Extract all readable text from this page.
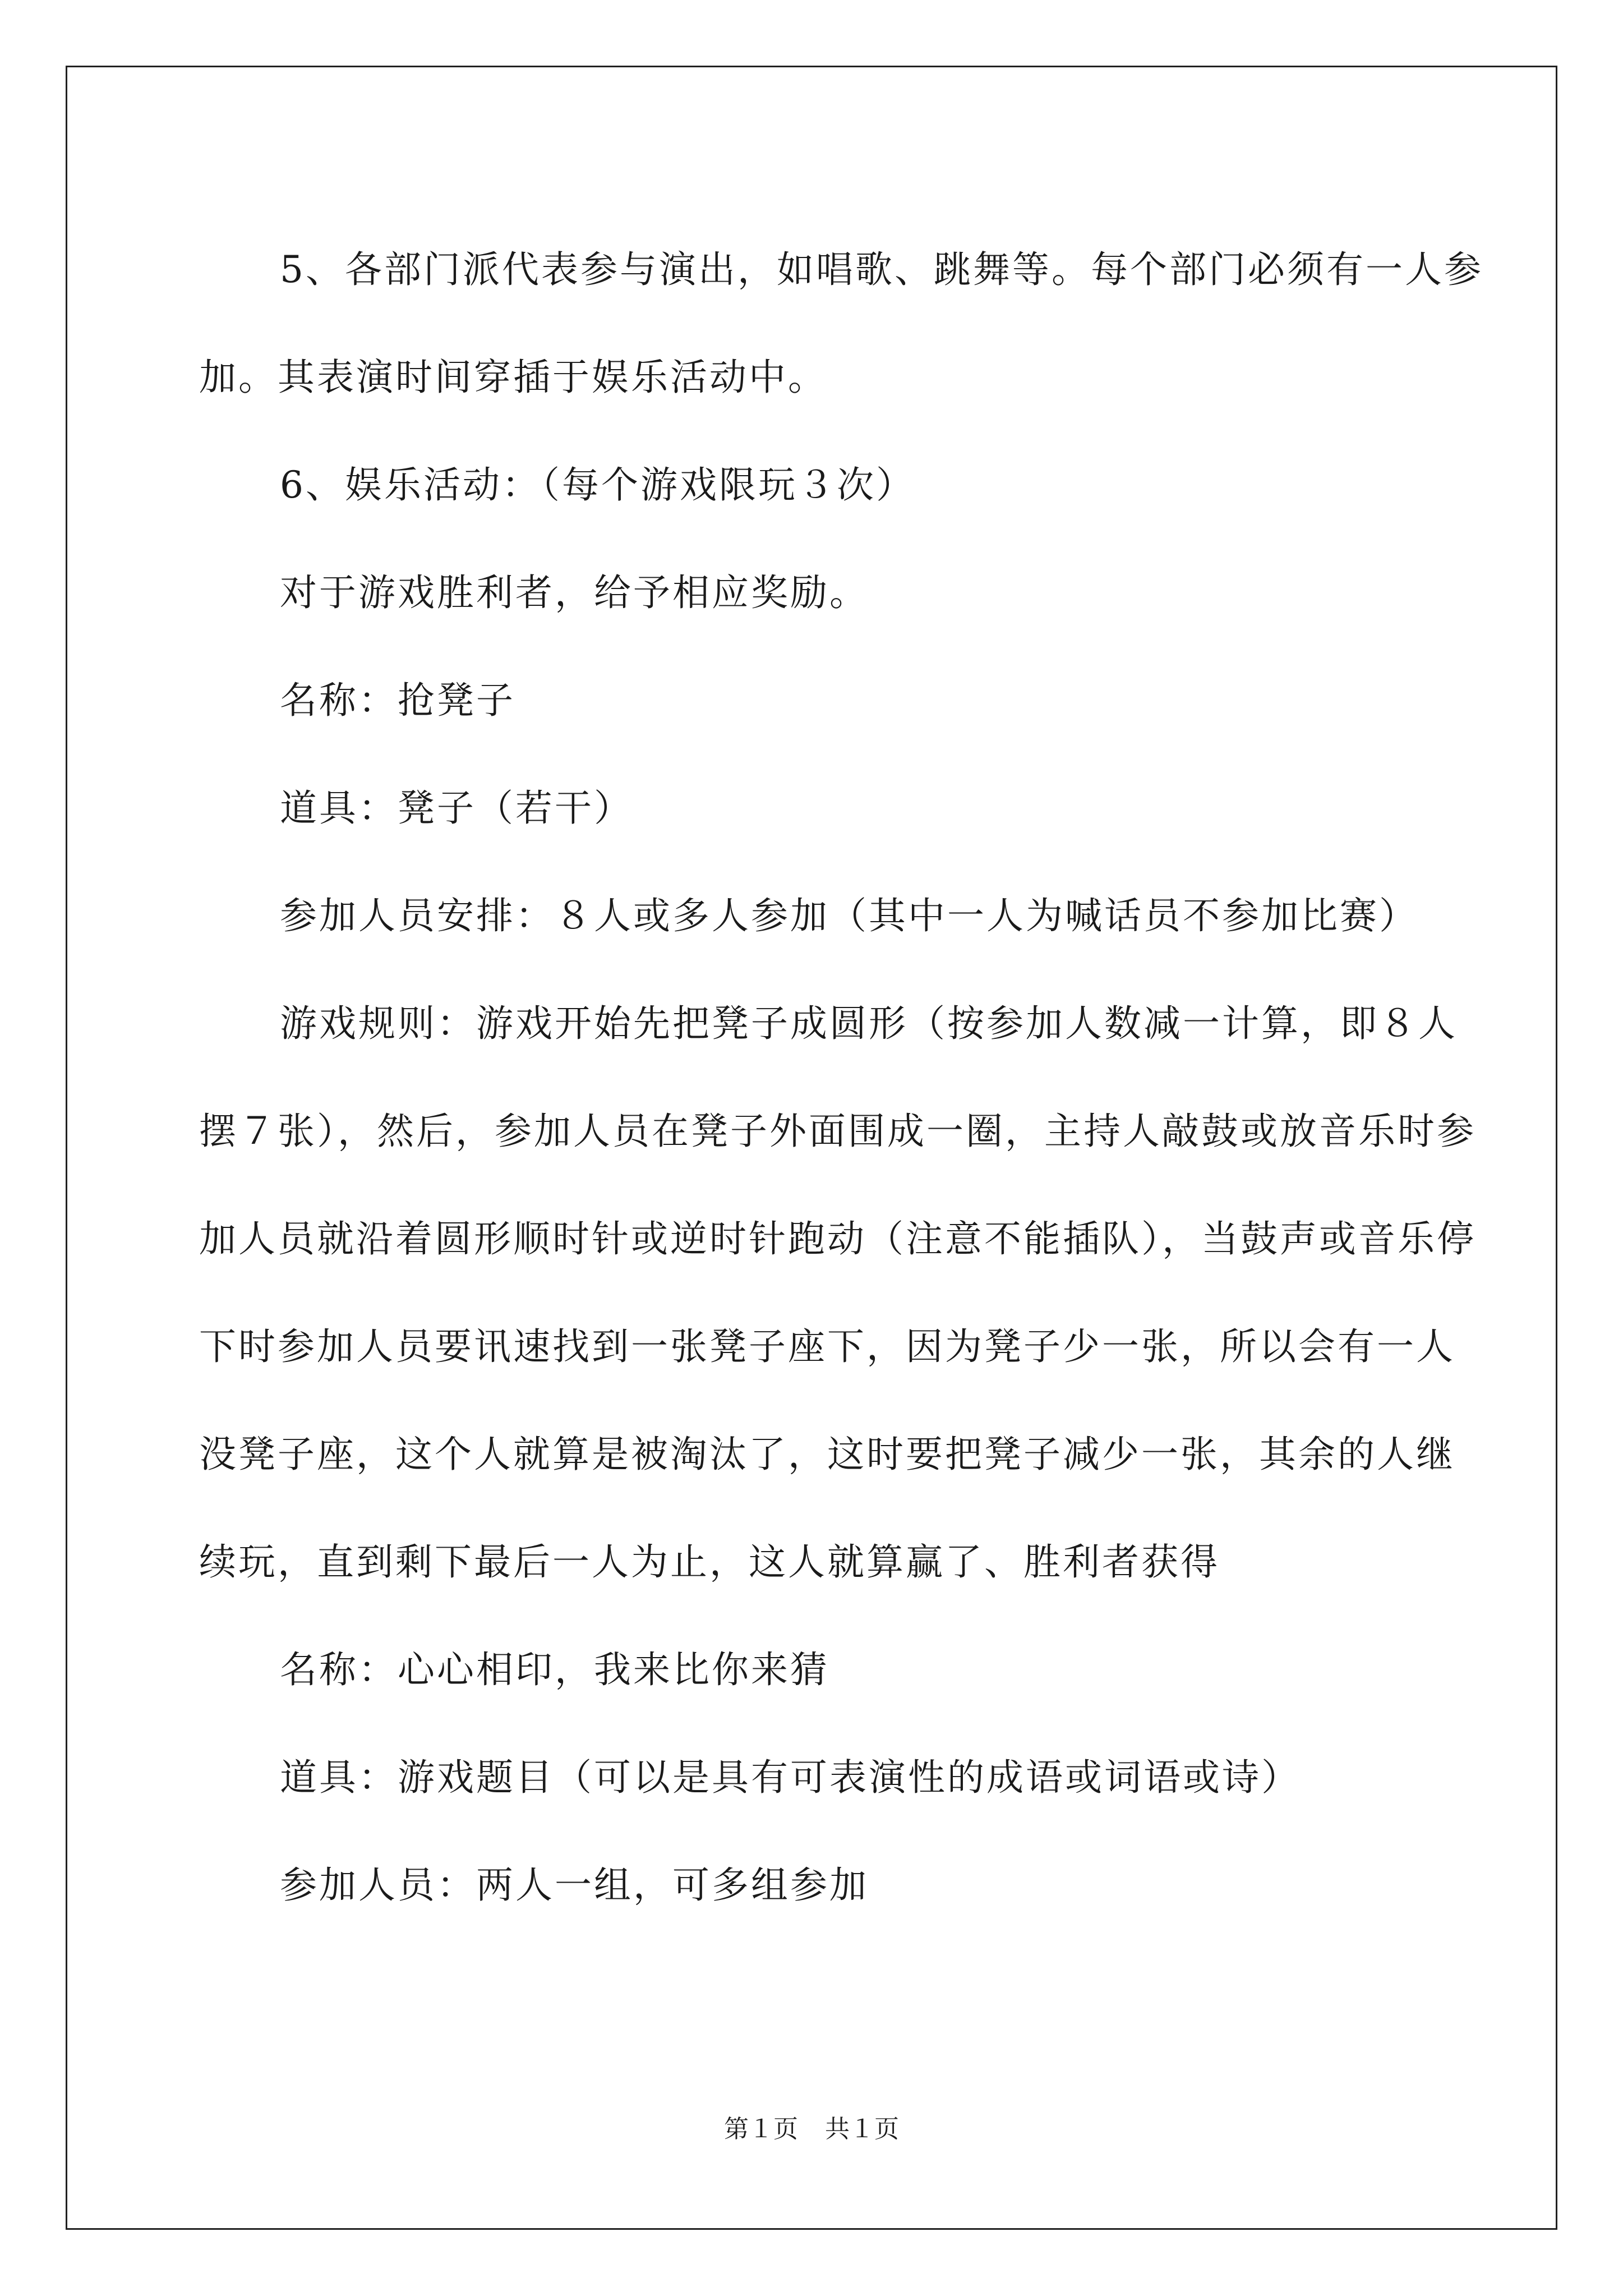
5、各部门派代表参与演出，如唱歌、跳舞等。每个部门必须有一人参加。其表演时间穿插于娱乐活动中。

6、娱乐活动：（每个游戏限玩３次）

对于游戏胜利者，给予相应奖励。

名称：抢凳子

道具：凳子（若干）

参加人员安排：８人或多人参加（其中一人为喊话员不参加比赛）

游戏规则：游戏开始先把凳子成圆形（按参加人数减一计算，即８人摆７张），然后，参加人员在凳子外面围成一圈，主持人敲鼓或放音乐时参加人员就沿着圆形顺时针或逆时针跑动（注意不能插队），当鼓声或音乐停下时参加人员要讯速找到一张凳子座下，因为凳子少一张，所以会有一人没凳子座，这个人就算是被淘汰了，这时要把凳子减少一张，其余的人继续玩，直到剩下最后一人为止，这人就算赢了、胜利者获得

名称：心心相印，我来比你来猜

道具：游戏题目（可以是具有可表演性的成语或词语或诗）

参加人员：两人一组，可多组参加

第１页 共１页
